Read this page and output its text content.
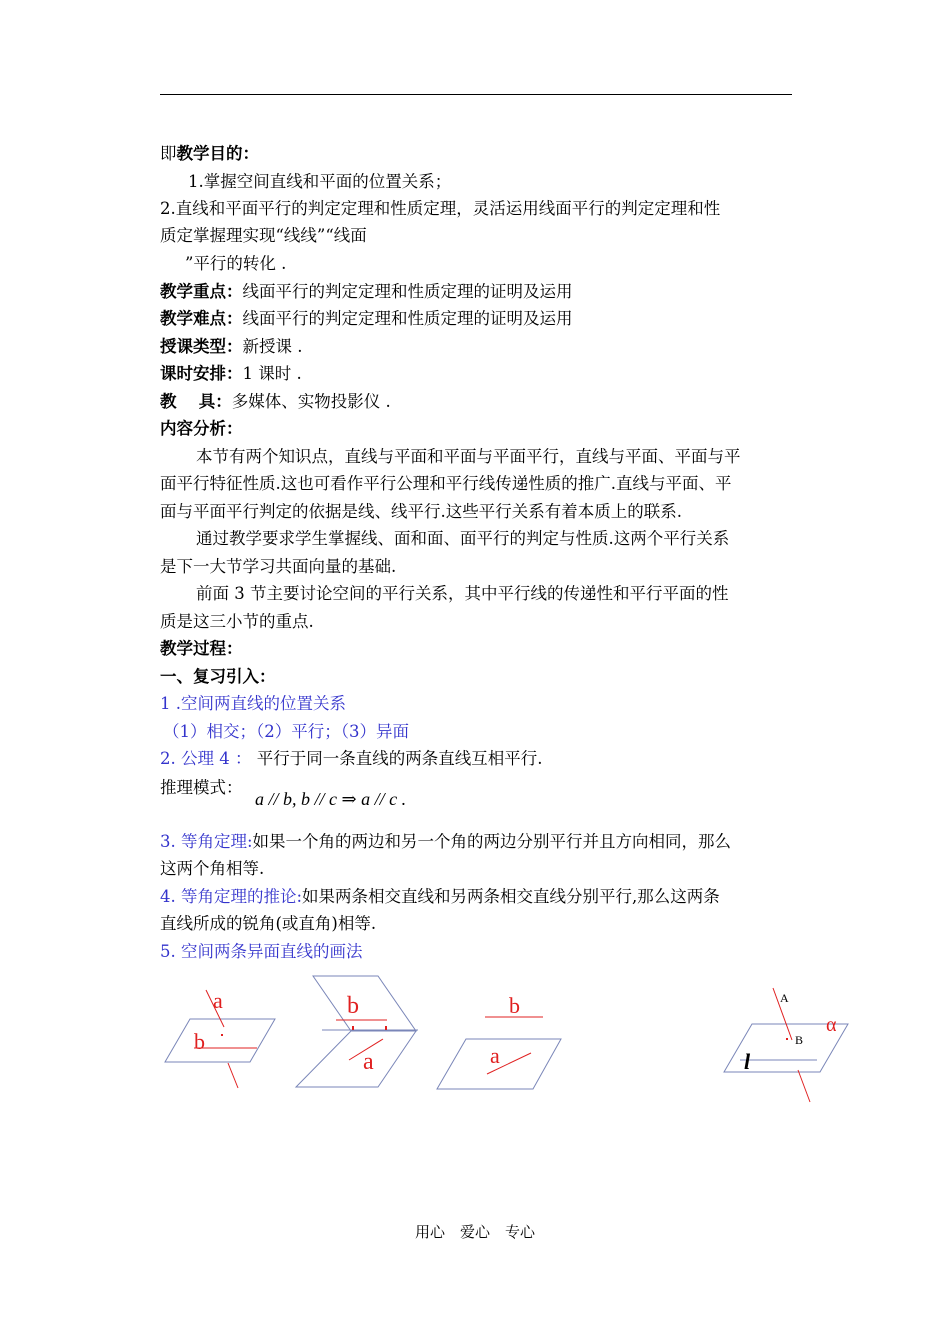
即教学目的：
1.掌握空间直线和平面的位置关系；
2.直线和平面平行的判定定理和性质定理，灵活运用线面平行的判定定理和性
质定掌握理实现“线线”“线面
”平行的转化 .
教学重点：线面平行的判定定理和性质定理的证明及运用
教学难点：线面平行的判定定理和性质定理的证明及运用
授课类型：新授课 .
课时安排：1 课时 .
教　 具：多媒体、实物投影仪 .
内容分析：
本节有两个知识点，直线与平面和平面与平面平行，直线与平面、平面与平
面平行特征性质.这也可看作平行公理和平行线传递性质的推广.直线与平面、平
面与平面平行判定的依据是线、线平行.这些平行关系有着本质上的联系.
通过教学要求学生掌握线、面和面、面平行的判定与性质.这两个平行关系
是下一大节学习共面向量的基础.
前面 3 节主要讨论空间的平行关系，其中平行线的传递性和平行平面的性
质是这三小节的重点.
教学过程：
一、复习引入：
1 .空间两直线的位置关系
（1）相交；（2）平行；（3）异面
2. 公理 4 ： 平行于同一条直线的两条直线互相平行.
推理模式：
a // b, b // c ⇒ a // c .
3. 等角定理:如果一个角的两边和另一个角的两边分别平行并且方向相同，那么
这两个角相等.
4. 等角定理的推论:如果两条相交直线和另两条相交直线分别平行,那么这两条
直线所成的锐角(或直角)相等.
5. 空间两条异面直线的画法
a
b
b
a
b
a
A
B
α
l
用心　爱心　专心
